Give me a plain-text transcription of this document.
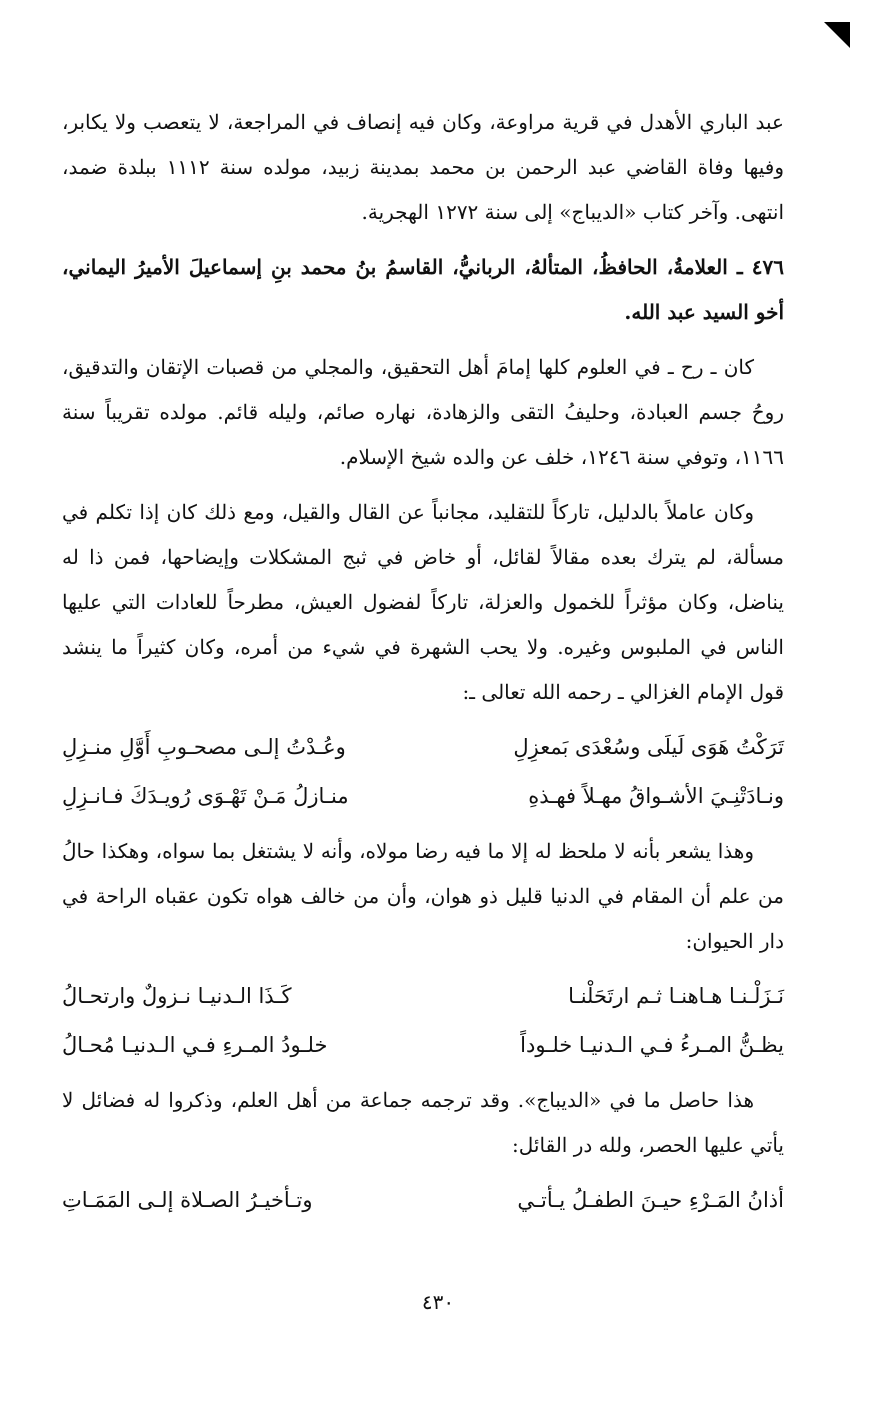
عبد الباري الأهدل في قرية مراوعة، وكان فيه إنصاف في المراجعة، لا يتعصب ولا يكابر، وفيها وفاة القاضي عبد الرحمن بن محمد بمدينة زبيد، مولده سنة ١١١٢ ببلدة ضمد، انتهى. وآخر كتاب «الديباج» إلى سنة ١٢٧٢ الهجرية.

٤٧٦ ـ العلامةُ، الحافظُ، المتألهُ، الربانيُّ، القاسمُ بنُ محمد بنِ إسماعيلَ الأميرُ اليماني، أخو السيد عبد الله.

كان ـ رح ـ في العلوم كلها إمامَ أهل التحقيق، والمجلي من قصبات الإتقان والتدقيق، روحُ جسم العبادة، وحليفُ التقى والزهادة، نهاره صائم، وليله قائم. مولده تقريباً سنة ١١٦٦، وتوفي سنة ١٢٤٦، خلف عن والده شيخ الإسلام.

وكان عاملاً بالدليل، تاركاً للتقليد، مجانباً عن القال والقيل، ومع ذلك كان إذا تكلم في مسألة، لم يترك بعده مقالاً لقائل، أو خاض في ثبج المشكلات وإيضاحها، فمن ذا له يناضل، وكان مؤثراً للخمول والعزلة، تاركاً لفضول العيش، مطرحاً للعادات التي عليها الناس في الملبوس وغيره. ولا يحب الشهرة في شيء من أمره، وكان كثيراً ما ينشد قول الإمام الغزالي ـ رحمه الله تعالى ـ:

تَرَكْتُ هَوَى لَيلَى وسُعْدَى بَمعزِلِ
وعُـدْتُ إلـى مصحـوبِ أَوَّلِ منـزِلِ
ونـادَتْنِـيَ الأشـواقُ مهـلاً فهـذهِ
منـازلُ مَـنْ تَهْـوَى رُويـدَكَ فـانـزِلِ

وهذا يشعر بأنه لا ملحظ له إلا ما فيه رضا مولاه، وأنه لا يشتغل بما سواه، وهكذا حالُ من علم أن المقام في الدنيا قليل ذو هوان، وأن من خالف هواه تكون عقباه الراحة في دار الحيوان:

نَـزَلْـنـا هـاهنـا ثـم ارتَحَلْنـا
كَـذَا الـدنيـا نـزولٌ وارتحـالُ
يظـنُّ المـرءُ فـي الـدنيـا خلـوداً
خلـودُ المـرءِ فـي الـدنيـا مُحـالُ

هذا حاصل ما في «الديباج». وقد ترجمه جماعة من أهل العلم، وذكروا له فضائل لا يأتي عليها الحصر، ولله در القائل:

أذانُ المَـرْءِ حيـنَ الطفـلُ يـأتـي
وتـأخيـرُ الصـلاة إلـى المَمَـاتِ
٤٣٠
